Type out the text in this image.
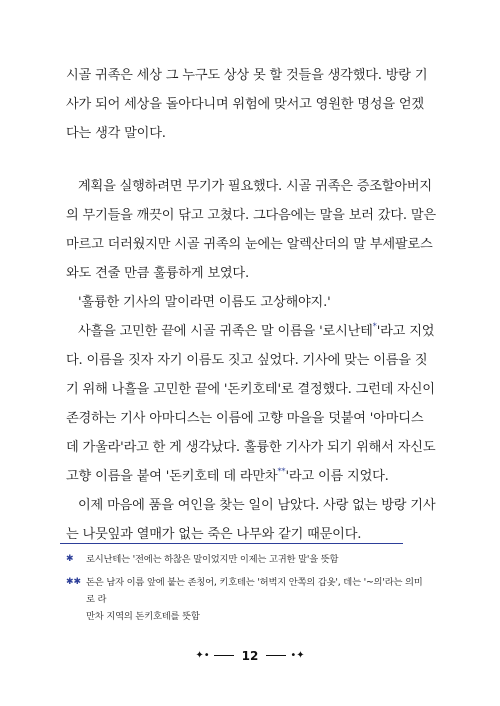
시골 귀족은 세상 그 누구도 상상 못 할 것들을 생각했다. 방랑 기
사가 되어 세상을 돌아다니며 위험에 맞서고 영원한 명성을 얻겠
다는 생각 말이다.

계획을 실행하려면 무기가 필요했다. 시골 귀족은 증조할아버지
의 무기들을 깨끗이 닦고 고쳤다. 그다음에는 말을 보러 갔다. 말은
마르고 더러웠지만 시골 귀족의 눈에는 알렉산더의 말 부세팔로스
와도 견줄 만큼 훌륭하게 보였다.

'훌륭한 기사의 말이라면 이름도 고상해야지.'

사흘을 고민한 끝에 시골 귀족은 말 이름을 '로시난테*'라고 지었
다. 이름을 짓자 자기 이름도 짓고 싶었다. 기사에 맞는 이름을 짓
기 위해 나흘을 고민한 끝에 '돈키호테'로 결정했다. 그런데 자신이
존경하는 기사 아마디스는 이름에 고향 마을을 덧붙여 '아마디스
데 가울라'라고 한 게 생각났다. 훌륭한 기사가 되기 위해서 자신도
고향 이름을 붙여 '돈키호테 데 라만차**'라고 이름 지었다.
이제 마음에 품을 여인을 찾는 일이 남았다. 사랑 없는 방랑 기사
는 나뭇잎과 열매가 없는 죽은 나무와 같기 때문이다.

✱	로시난테는 '전에는 하찮은 말이었지만 이제는 고귀한 말'을 뜻함
✱✱ 돈은 남자 이름 앞에 붙는 존칭어, 키호테는 '허벅지 안쪽의 갑옷', 데는 '~의'라는 의미로 라
만차 지역의 돈키호테를 뜻함
✦•	12	•✦
